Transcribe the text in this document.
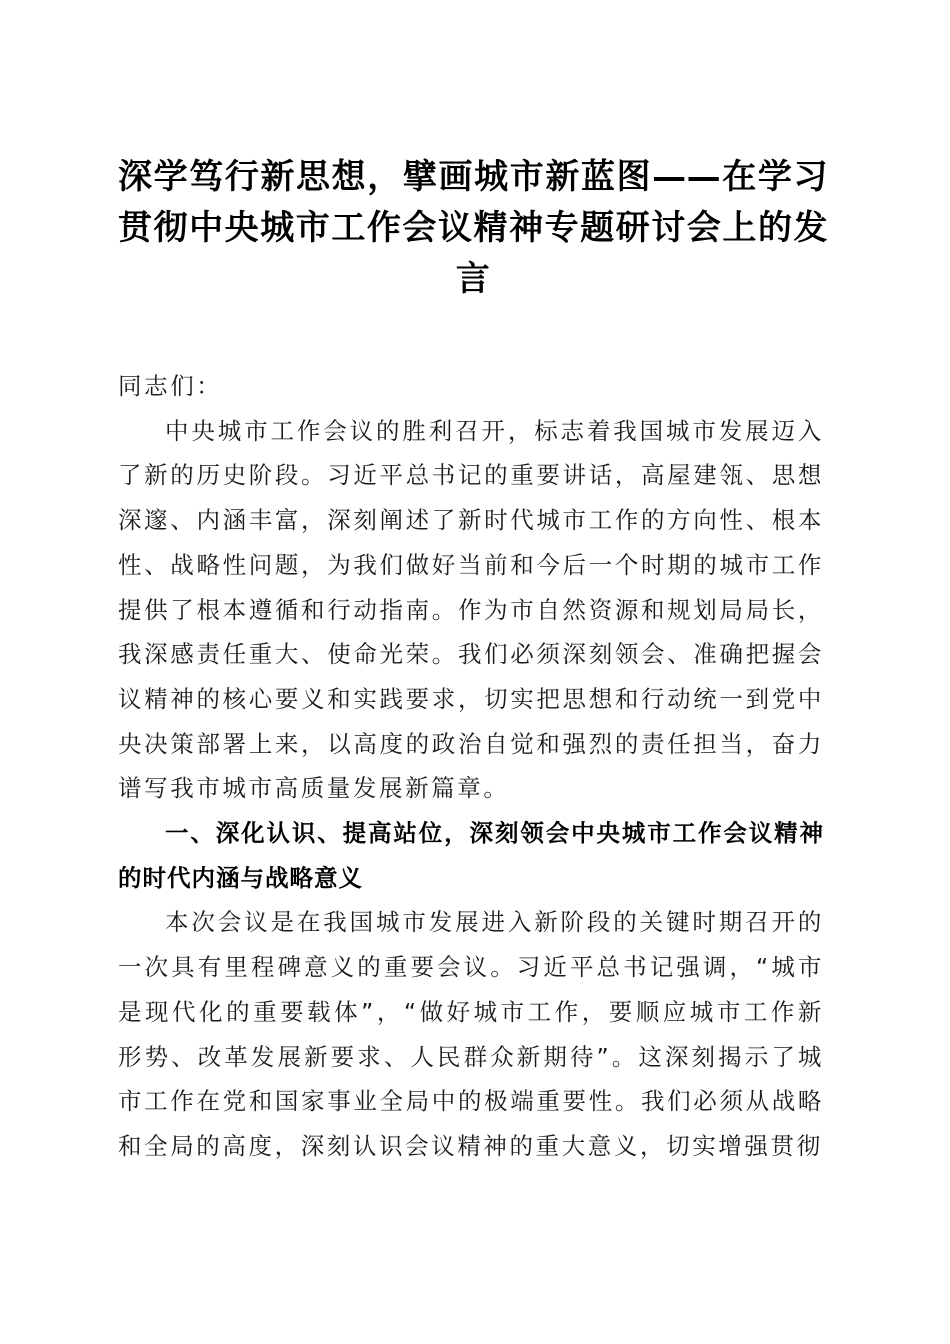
深学笃行新思想，擘画城市新蓝图——在学习贯彻中央城市工作会议精神专题研讨会上的发言

同志们：

中央城市工作会议的胜利召开，标志着我国城市发展迈入了新的历史阶段。习近平总书记的重要讲话，高屋建瓴、思想深邃、内涵丰富，深刻阐述了新时代城市工作的方向性、根本性、战略性问题，为我们做好当前和今后一个时期的城市工作提供了根本遵循和行动指南。作为市自然资源和规划局局长，我深感责任重大、使命光荣。我们必须深刻领会、准确把握会议精神的核心要义和实践要求，切实把思想和行动统一到党中央决策部署上来，以高度的政治自觉和强烈的责任担当，奋力谱写我市城市高质量发展新篇章。

一、深化认识、提高站位，深刻领会中央城市工作会议精神的时代内涵与战略意义

本次会议是在我国城市发展进入新阶段的关键时期召开的一次具有里程碑意义的重要会议。习近平总书记强调，“城市是现代化的重要载体”，“做好城市工作，要顺应城市工作新形势、改革发展新要求、人民群众新期待”。这深刻揭示了城市工作在党和国家事业全局中的极端重要性。我们必须从战略和全局的高度，深刻认识会议精神的重大意义，切实增强贯彻
